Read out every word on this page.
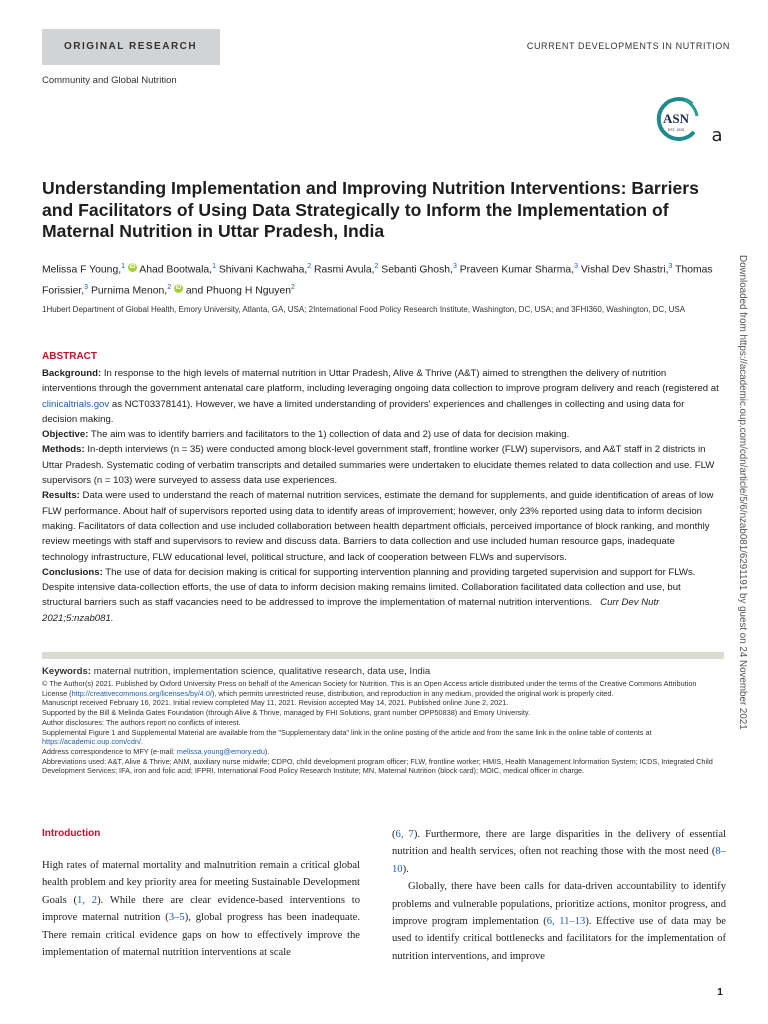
ORIGINAL RESEARCH	CURRENT DEVELOPMENTS IN NUTRITION
Community and Global Nutrition
ASN
EST. 1928 a
Understanding Implementation and Improving Nutrition Interventions: Barriers and Facilitators of Using Data Strategically to Inform the Implementation of Maternal Nutrition in Uttar Pradesh, India
Melissa F Young,$^1$ iD Ahad Bootwala,$^1$ Shivani Kachwaha,$^2$ Rasmi Avula,$^2$ Sebanti Ghosh,$^3$ Praveen Kumar Sharma,$^3$ Vishal Dev Shastri,$^3$ Thomas Forissier,$^3$ Purnima Menon,$^2$ iD and Phuong H Nguyen$^2$
1Hubert Department of Global Health, Emory University, Atlanta, GA, USA; 2International Food Policy Research Institute, Washington, DC, USA; and 3FHI360, Washington, DC, USA
ABSTRACT

Background: In response to the high levels of maternal nutrition in Uttar Pradesh, Alive & Thrive (A&T) aimed to strengthen the delivery of nutrition interventions through the government antenatal care platform, including leveraging ongoing data collection to improve program delivery and reach (registered at clinicaltrials.gov as NCT03378141). However, we have a limited understanding of providers' experiences and challenges in collecting and using data for decision making.

Objective: The aim was to identify barriers and facilitators to the 1) collection of data and 2) use of data for decision making.

Methods: In-depth interviews (n = 35) were conducted among block-level government staff, frontline worker (FLW) supervisors, and A&T staff in 2 districts in Uttar Pradesh. Systematic coding of verbatim transcripts and detailed summaries were undertaken to elucidate themes related to data collection and use. FLW supervisors (n = 103) were surveyed to assess data use experiences.

Results: Data were used to understand the reach of maternal nutrition services, estimate the demand for supplements, and guide identification of areas of low FLW performance. About half of supervisors reported using data to identify areas of improvement; however, only 23% reported using data to inform decision making. Facilitators of data collection and use included collaboration between health department officials, perceived importance of block ranking, and monthly review meetings with staff and supervisors to review and discuss data. Barriers to data collection and use included human resource gaps, inadequate technology infrastructure, FLW educational level, political structure, and lack of cooperation between FLWs and supervisors.

Conclusions: The use of data for decision making is critical for supporting intervention planning and providing targeted supervision and support for FLWs. Despite intensive data-collection efforts, the use of data to inform decision making remains limited. Collaboration facilitated data collection and use, but structural barriers such as staff vacancies need to be addressed to improve the implementation of maternal nutrition interventions. Curr Dev Nutr 2021;5:nzab081.

Keywords: maternal nutrition, implementation science, qualitative research, data use, India

© The Author(s) 2021. Published by Oxford University Press on behalf of the American Society for Nutrition. This is an Open Access article distributed under the terms of the Creative Commons Attribution License (http://creativecommons.org/licenses/by/4.0/), which permits unrestricted reuse, distribution, and reproduction in any medium, provided the original work is properly cited.

Manuscript received February 16, 2021. Initial review completed May 11, 2021. Revision accepted May 14, 2021. Published online June 2, 2021.

Supported by the Bill & Melinda Gates Foundation (through Alive & Thrive, managed by FHI Solutions, grant number OPP50838) and Emory University.

Author disclosures: The authors report no conflicts of interest.

Supplemental Figure 1 and Supplemental Material are available from the "Supplementary data" link in the online posting of the article and from the same link in the online table of contents at https://academic.oup.com/cdn/.

Address correspondence to MFY (e-mail: melissa.young@emory.edu).

Abbreviations used: A&T, Alive & Thrive; ANM, auxiliary nurse midwife; CDPO, child development program officer; FLW, frontline worker; HMIS, Health Management Information System; ICDS, Integrated Child Development Services; IFA, iron and folic acid; IFPRI, International Food Policy Research Institute; MN, Maternal Nutrition (block card); MOIC, medical officer in charge.

Introduction

High rates of maternal mortality and malnutrition remain a critical global health problem and key priority area for meeting Sustainable Development Goals (1, 2). While there are clear evidence-based interventions to improve maternal nutrition (3–5), global progress has been inadequate. There remain critical evidence gaps on how to effectively improve the implementation of maternal nutrition interventions at scale

(6, 7). Furthermore, there are large disparities in the delivery of essential nutrition and health services, often not reaching those with the most need (8–10).

Globally, there have been calls for data-driven accountability to identify problems and vulnerable populations, prioritize actions, monitor progress, and improve program implementation (6, 11–13). Effective use of data may be used to identify critical bottlenecks and facilitators for the implementation of nutrition interventions, and improve

Downloaded from https://academic.oup.com/cdn/article/5/6/nzab081/6291191 by guest on 24 November 2021
1
